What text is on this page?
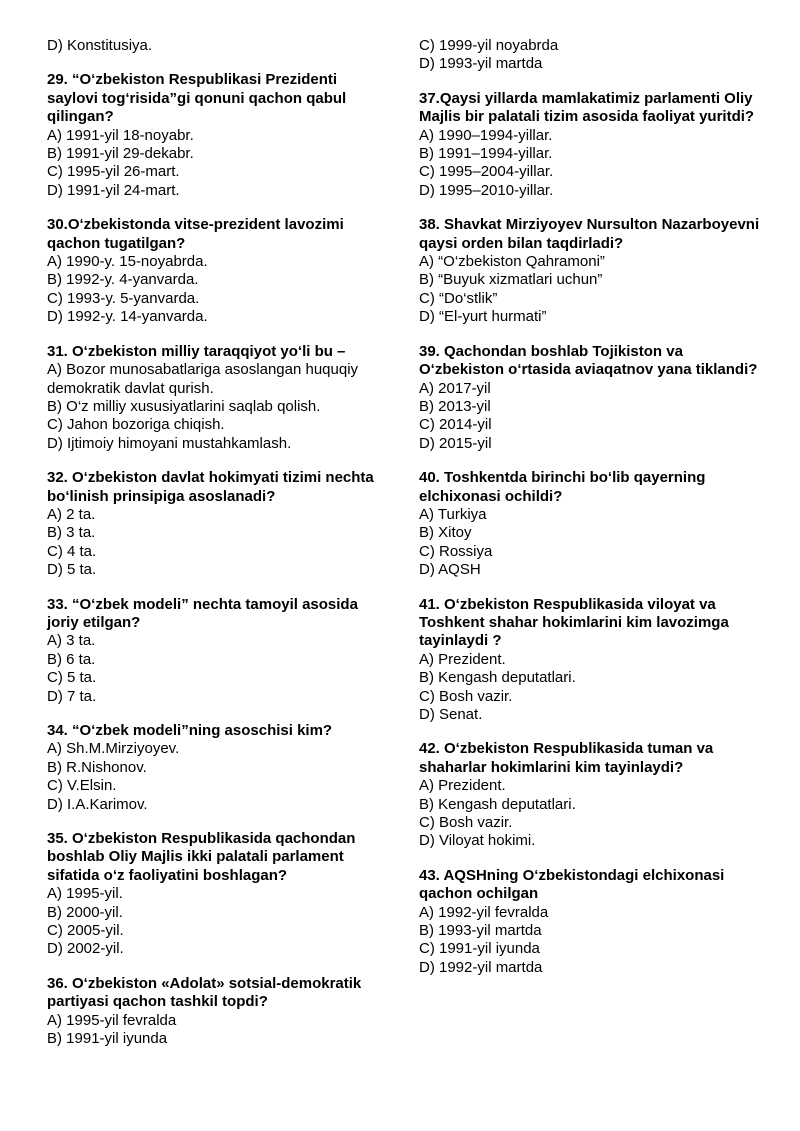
D) Konstitusiya.
29. “O‘zbekiston Respublikasi Prezidenti saylovi tog‘risida”gi qonuni qachon qabul qilingan?
A) 1991-yil 18-noyabr.
B) 1991-yil 29-dekabr.
C) 1995-yil 26-mart.
D) 1991-yil 24-mart.
30.O‘zbekistonda vitse-prezident lavozimi qachon tugatilgan?
A) 1990-y. 15-noyabrda.
B) 1992-y. 4-yanvarda.
C) 1993-y. 5-yanvarda.
D) 1992-y. 14-yanvarda.
31. O‘zbekiston milliy taraqqiyot yo‘li bu –
A) Bozor munosabatlariga asoslangan huquqiy demokratik davlat qurish.
B) O‘z milliy xususiyatlarini saqlab qolish.
C) Jahon bozoriga chiqish.
D) Ijtimoiy himoyani mustahkamlash.
32. O‘zbekiston davlat hokimyati tizimi nechta bo‘linish prinsipiga asoslanadi?
A) 2 ta.
B) 3 ta.
C) 4 ta.
D) 5 ta.
33. “O‘zbek modeli” nechta tamoyil asosida joriy etilgan?
A) 3 ta.
B) 6 ta.
C) 5 ta.
D) 7 ta.
34. “O‘zbek modeli”ning asoschisi kim?
A) Sh.M.Mirziyoyev.
B) R.Nishonov.
C) V.Elsin.
D) I.A.Karimov.
35. O‘zbekiston Respublikasida qachondan boshlab Oliy Majlis ikki palatali parlament sifatida o‘z faoliyatini boshlagan?
A) 1995-yil.
B) 2000-yil.
C) 2005-yil.
D) 2002-yil.
36. O‘zbekiston «Adolat» sotsial-demokratik partiyasi qachon tashkil topdi?
A) 1995-yil fevralda
B) 1991-yil iyunda
C) 1999-yil noyabrda
D) 1993-yil martda
37.Qaysi yillarda mamlakatimiz parlamenti Oliy Majlis bir palatali tizim asosida faoliyat yuritdi?
A) 1990–1994-yillar.
B) 1991–1994-yillar.
C) 1995–2004-yillar.
D) 1995–2010-yillar.
38. Shavkat Mirziyoyev Nursulton Nazarboyevni qaysi orden bilan taqdirladi?
A) “O‘zbekiston Qahramoni”
B) “Buyuk xizmatlari uchun”
C) “Do‘stlik”
D) “El-yurt hurmati”
39. Qachondan boshlab Tojikiston va O‘zbekiston o‘rtasida aviaqatnov yana tiklandi?
A) 2017-yil
B) 2013-yil
C) 2014-yil
D) 2015-yil
40. Toshkentda birinchi bo‘lib qayerning elchixonasi ochildi?
A) Turkiya
B) Xitoy
C) Rossiya
D) AQSH
41. O‘zbekiston Respublikasida viloyat va Toshkent shahar hokimlarini kim lavozimga tayinlaydi ?
A) Prezident.
B) Kengash deputatlari.
C) Bosh vazir.
D) Senat.
42. O‘zbekiston Respublikasida tuman va shaharlar hokimlarini kim tayinlaydi?
A) Prezident.
B) Kengash deputatlari.
C) Bosh vazir.
D) Viloyat hokimi.
43. AQSHning O‘zbekistondagi elchixonasi qachon ochilgan
A) 1992-yil fevralda
B) 1993-yil martda
C) 1991-yil iyunda
D) 1992-yil martda
